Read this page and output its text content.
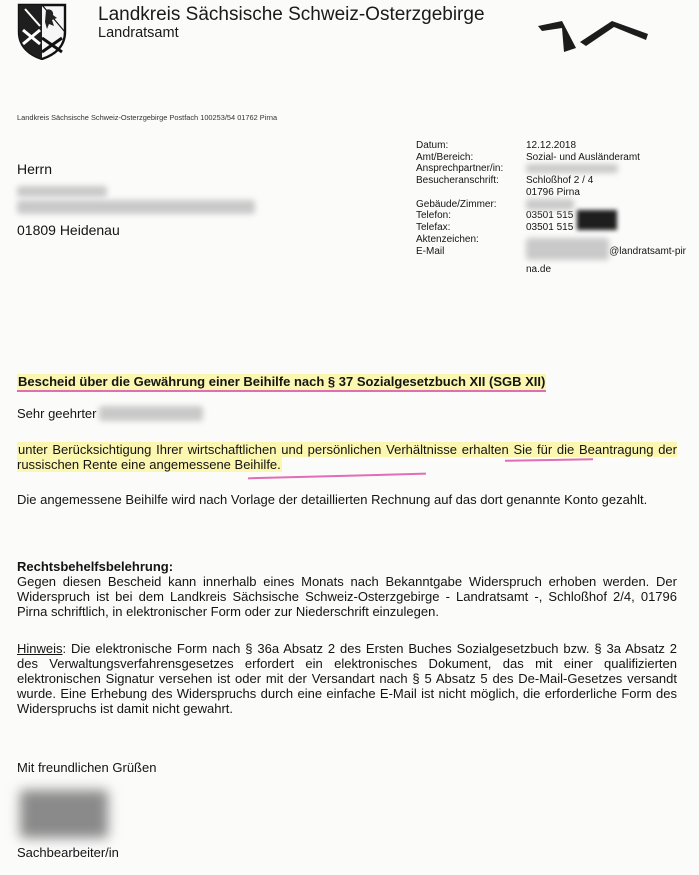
Landkreis Sächsische Schweiz-Osterzgebirge
Landratsamt
Landkreis Sächsische Schweiz-Osterzgebirge Postfach 100253/54 01762 Pirna
Datum:	12.12.2018
Amt/Bereich:	Sozial- und Ausländeramt
Ansprechpartner/in:
Besucheranschrift:	Schloßhof 2 / 4
01796 Pirna
Gebäude/Zimmer:
Telefon:	03501 515
Telefax:	03501 515
Aktenzeichen:
E-Mail	@landratsamt-pir
na.de
Herrn

01809 Heidenau
Bescheid über die Gewährung einer Beihilfe nach § 37 Sozialgesetzbuch XII (SGB XII)
Sehr geehrter
unter Berücksichtigung Ihrer wirtschaftlichen und persönlichen Verhältnisse erhalten Sie für die Beantragung der russischen Rente eine angemessene Beihilfe.
Die angemessene Beihilfe wird nach Vorlage der detaillierten Rechnung auf das dort genannte Konto gezahlt.
Rechtsbehelfsbelehrung:
Gegen diesen Bescheid kann innerhalb eines Monats nach Bekanntgabe Widerspruch erhoben werden. Der Widerspruch ist bei dem Landkreis Sächsische Schweiz-Osterzgebirge - Landratsamt -, Schloßhof 2/4, 01796 Pirna schriftlich, in elektronischer Form oder zur Niederschrift einzulegen.
Hinweis: Die elektronische Form nach § 36a Absatz 2 des Ersten Buches Sozialgesetzbuch bzw. § 3a Absatz 2 des Verwaltungsverfahrensgesetzes erfordert ein elektronisches Dokument, das mit einer qualifizierten elektronischen Signatur versehen ist oder mit der Versandart nach § 5 Absatz 5 des De-Mail-Gesetzes versandt wurde. Eine Erhebung des Widerspruchs durch eine einfache E-Mail ist nicht möglich, die erforderliche Form des Widerspruchs ist damit nicht gewahrt.
Mit freundlichen Grüßen
Sachbearbeiter/in
